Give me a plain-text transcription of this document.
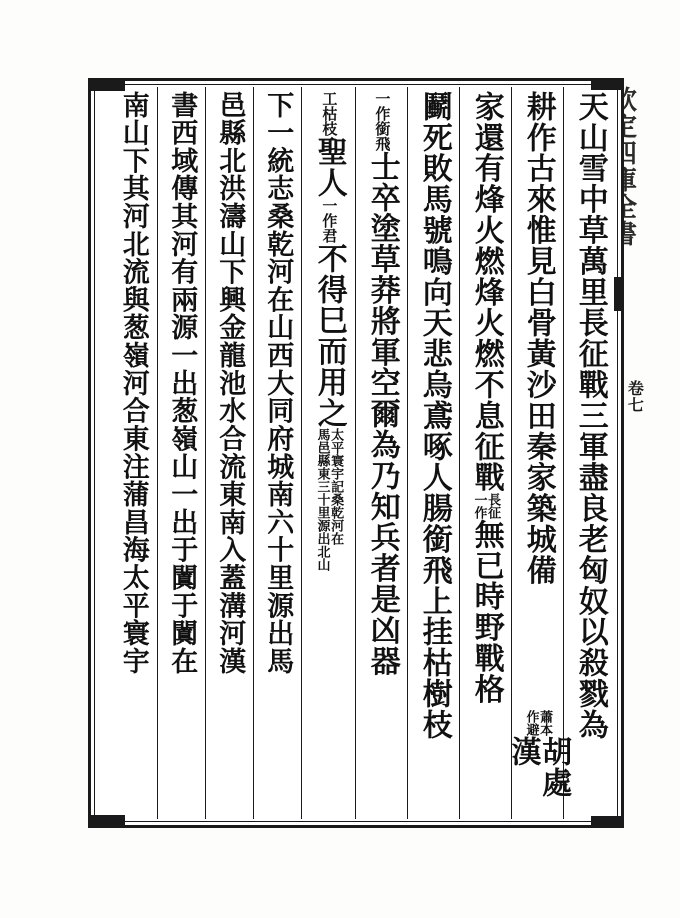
卷七
天山雪中草萬里長征戰三軍盡良老匈奴以殺戮為
耕作古來惟見白骨黃沙田秦家築城備
蕭本
作避
胡處漢
家還有烽火燃烽火燃不息征戰
長征
一作
無已時野戰格
鬬死敗馬號鳴向天悲烏鳶啄人腸銜飛上挂枯樹枝
一作銜飛
士卒塗草莽將軍空爾為乃知兵者是凶器
工枯枝
聖人
一作君
不得巳而用之
太平寰宇記桑乾河在
馬邑縣東三十里源出北山
下一統志桑乾河在山西大同府城南六十里源出馬
邑縣北洪濤山下興金龍池水合流東南入蓋溝河漢
書西域傳其河有兩源一出葱嶺山一出于闐于闐在
南山下其河北流與葱嶺河合東注蒲昌海太平寰宇
